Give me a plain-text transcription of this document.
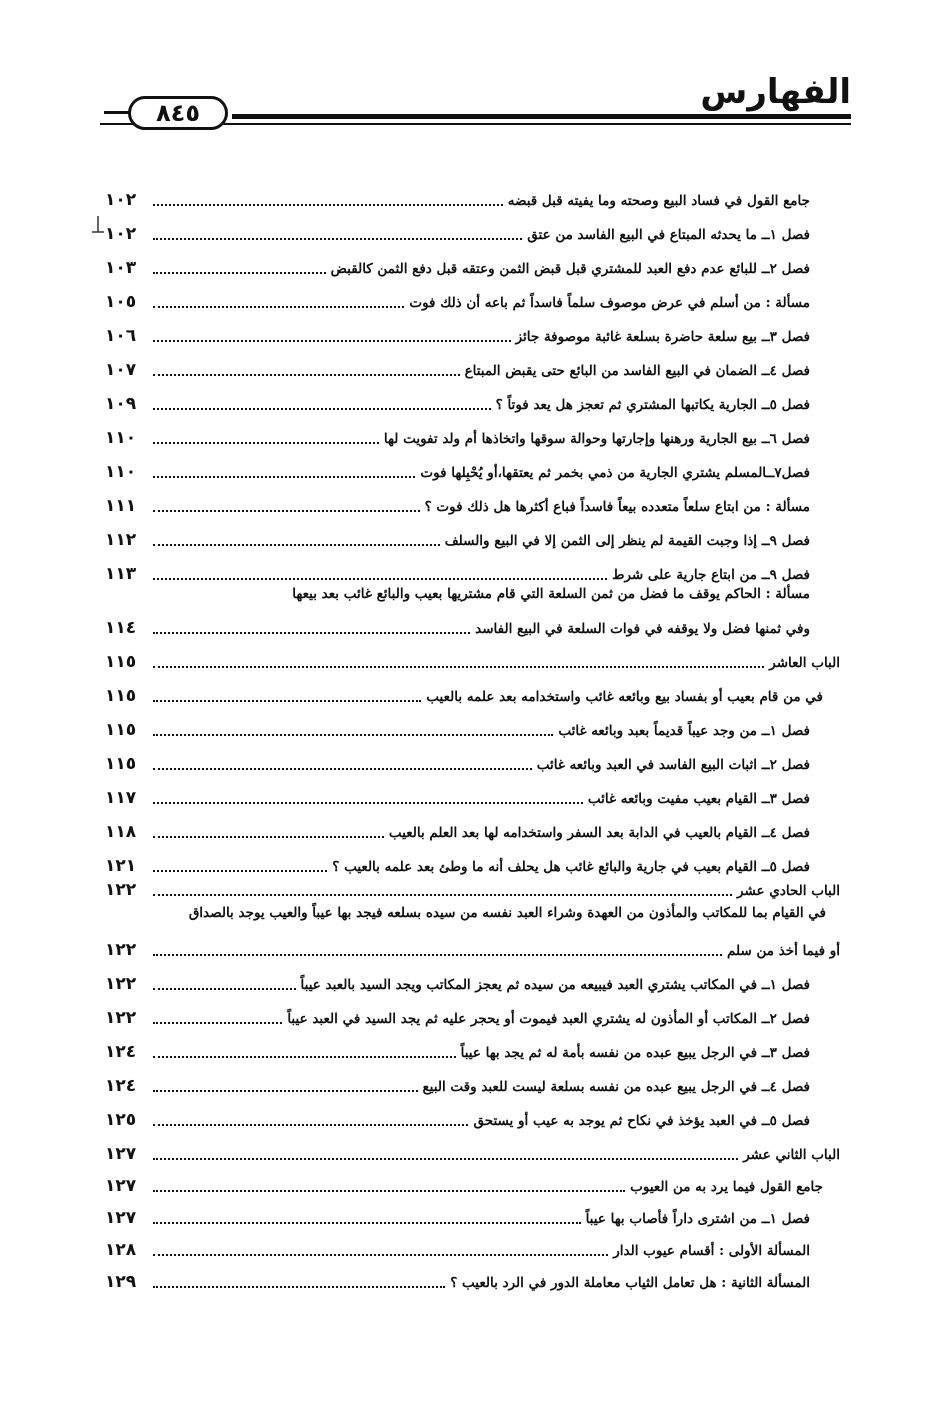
الفهارس
٨٤٥
جامع القول في فساد البيع وصحته وما يفيته قبل قبضه
١٠٢
فصل ١ــ ما يحدثه المبتاع في البيع الفاسد من عتق
١٠٢
فصل ٢ــ للبائع عدم دفع العبد للمشتري قبل قبض الثمن وعتقه قبل دفع الثمن كالقبض
١٠٣
مسألة : من أسلم في عرض موصوف سلماً فاسداً ثم باعه أن ذلك فوت
١٠٥
فصل ٣ــ بيع سلعة حاضرة بسلعة غائبة موصوفة جائز
١٠٦
فصل ٤ــ الضمان في البيع الفاسد من البائع حتى يقبض المبتاع
١٠٧
فصل ٥ــ الجارية يكاتبها المشتري ثم تعجز هل يعد فوتاً ؟
١٠٩
فصل ٦ــ بيع الجارية ورهنها وإجارتها وحوالة سوقها واتخاذها أم ولد تفويت لها
١١٠
فصل٧ــالمسلم يشتري الجارية من ذمي بخمر ثم يعتقها،أو يُحْبِلها فوت
١١٠
مسألة : من ابتاع سلعاً متعدده بيعاً فاسداً فباع أكثرها هل ذلك فوت ؟
١١١
فصل ٩ــ إذا وجبت القيمة لم ينظر إلى الثمن إلا في البيع والسلف
١١٢
فصل ٩ــ من ابتاع جارية على شرط
١١٣
مسألة : الحاكم يوقف ما فضل من ثمن السلعة التي قام مشتريها بعيب والبائع غائب بعد بيعها
وفي ثمنها فضل ولا يوقفه في فوات السلعة في البيع الفاسد
١١٤
الباب العاشر
١١٥
في من قام بعيب أو بفساد بيع وبائعه غائب واستخدامه بعد علمه بالعيب
١١٥
فصل ١ــ من وجد عيباً قديماً بعبد وبائعه غائب
١١٥
فصل ٢ــ اثبات البيع الفاسد في العبد وبائعه غائب
١١٥
فصل ٣ــ القيام بعيب مفيت وبائعه غائب
١١٧
فصل ٤ــ القيام بالعيب في الدابة بعد السفر واستخدامه لها بعد العلم بالعيب
١١٨
فصل ٥ــ القيام بعيب في جارية والبائع غائب هل يحلف أنه ما وطئ بعد علمه بالعيب ؟
١٢١
الباب الحادي عشر
١٢٢
في القيام بما للمكاتب والمأذون من العهدة وشراء العبد نفسه من سيده بسلعه فيجد بها عيباً والعيب يوجد بالصداق
أو فيما أخذ من سلم
١٢٢
فصل ١ــ في المكاتب يشتري العبد فيبيعه من سيده ثم يعجز المكاتب ويجد السيد بالعبد عيباً
١٢٢
فصل ٢ــ المكاتب أو المأذون له يشتري العبد فيموت أو يحجر عليه ثم يجد السيد في العبد عيباً
١٢٢
فصل ٣ــ في الرجل يبيع عبده من نفسه بأمة له ثم يجد بها عيباً
١٢٤
فصل ٤ــ في الرجل يبيع عبده من نفسه بسلعة ليست للعبد وقت البيع
١٢٤
فصل ٥ــ في العبد يؤخذ في نكاح ثم يوجد به عيب أو يستحق
١٢٥
الباب الثاني عشر
١٢٧
جامع القول فيما يرد به من العيوب
١٢٧
فصل ١ــ من اشترى داراً فأصاب بها عيباً
١٢٧
المسألة الأولى : أقسام عيوب الدار
١٢٨
المسألة الثانية : هل تعامل الثياب معاملة الدور في الرد بالعيب ؟
١٢٩
